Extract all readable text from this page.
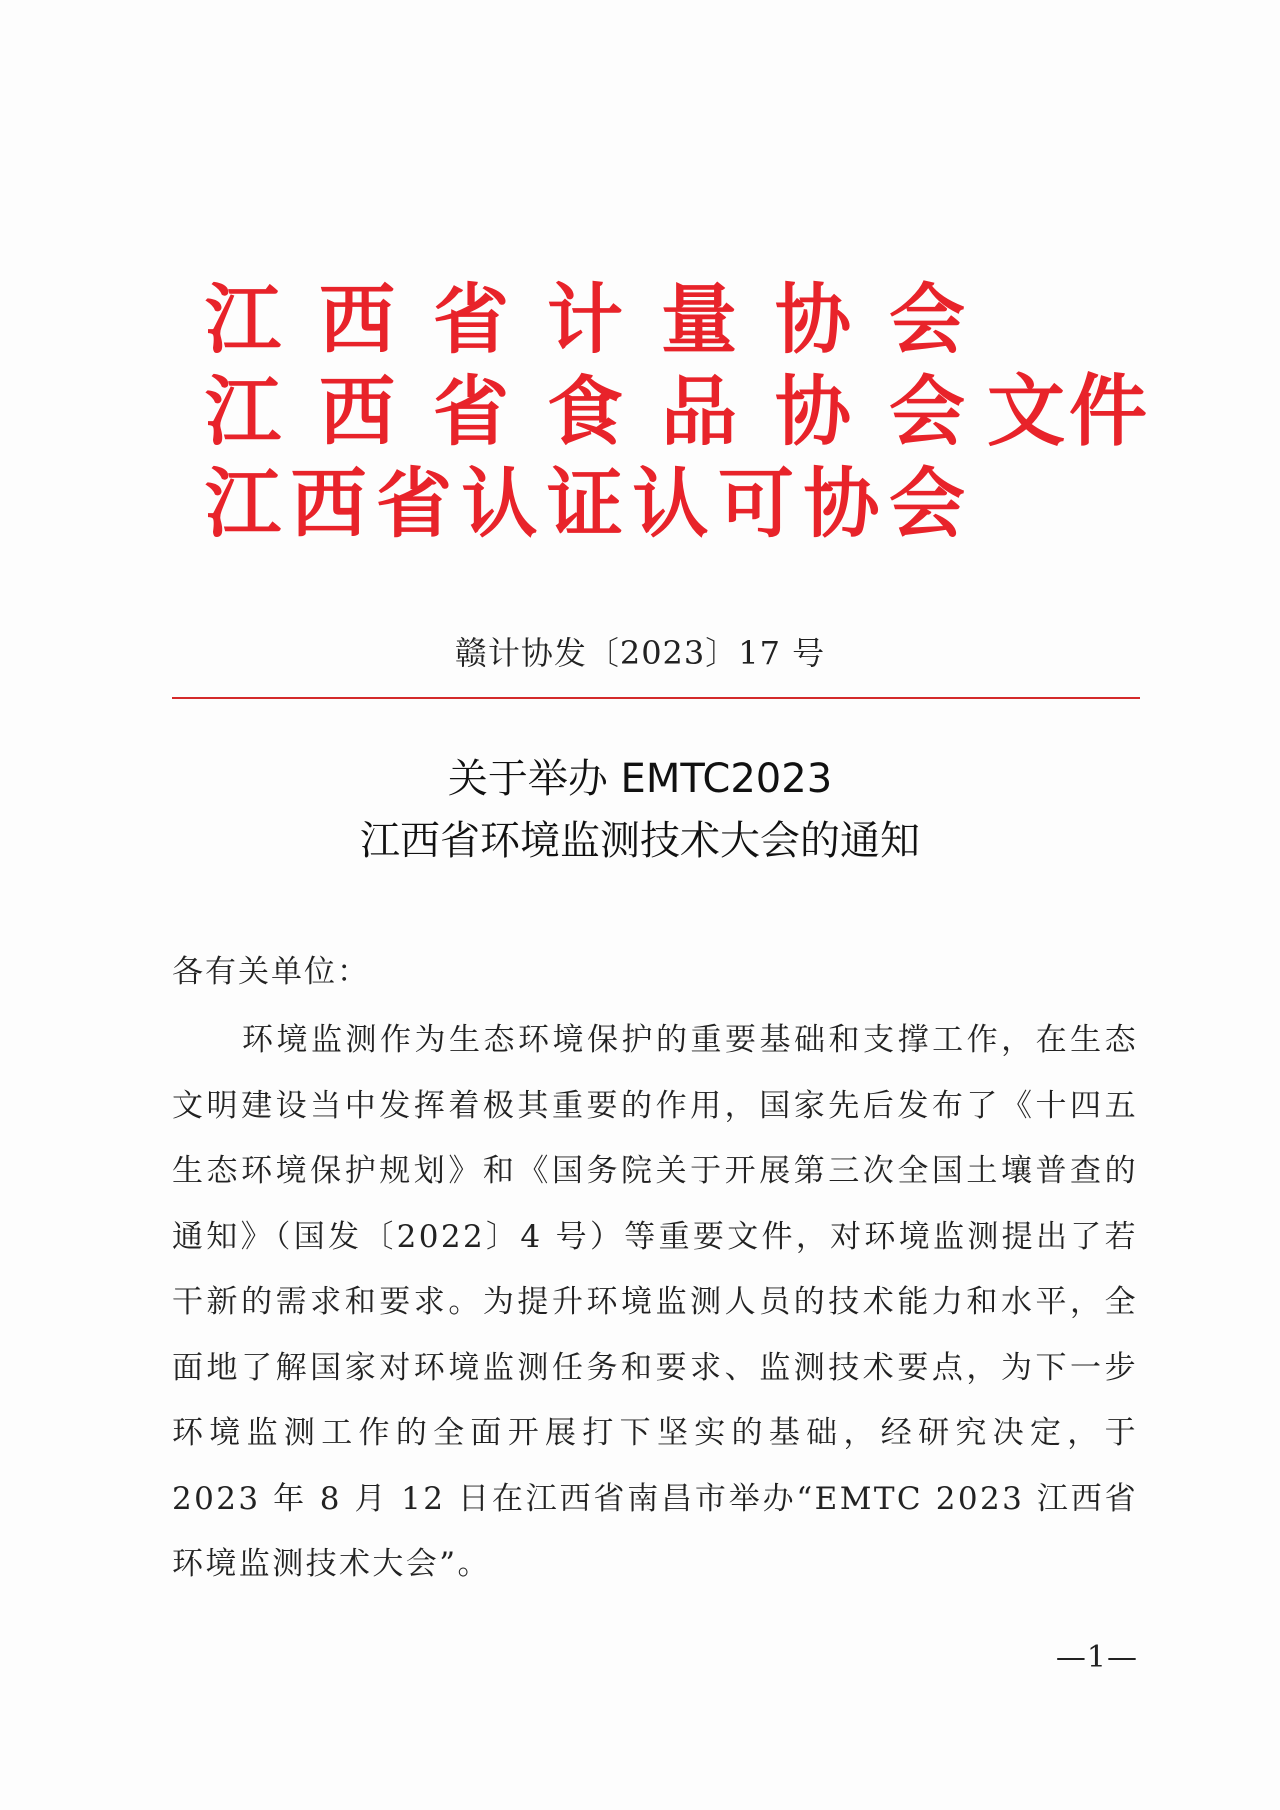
江 西 省 计 量 协 会
江 西 省 食 品 协 会
江 西 省 认 证 认 可 协 会
文件
赣计协发〔2023〕17 号
关于举办 EMTC2023
江西省环境监测技术大会的通知
各有关单位：
环境监测作为生态环境保护的重要基础和支撑工作，在生态文明建设当中发挥着极其重要的作用，国家先后发布了《十四五生态环境保护规划》和《国务院关于开展第三次全国土壤普查的通知》（国发〔2022〕4 号）等重要文件，对环境监测提出了若干新的需求和要求。为提升环境监测人员的技术能力和水平，全面地了解国家对环境监测任务和要求、监测技术要点，为下一步环境监测工作的全面开展打下坚实的基础，经研究决定，于 2023 年 8 月 12 日在江西省南昌市举办“EMTC 2023 江西省环境监测技术大会”。
—1—
